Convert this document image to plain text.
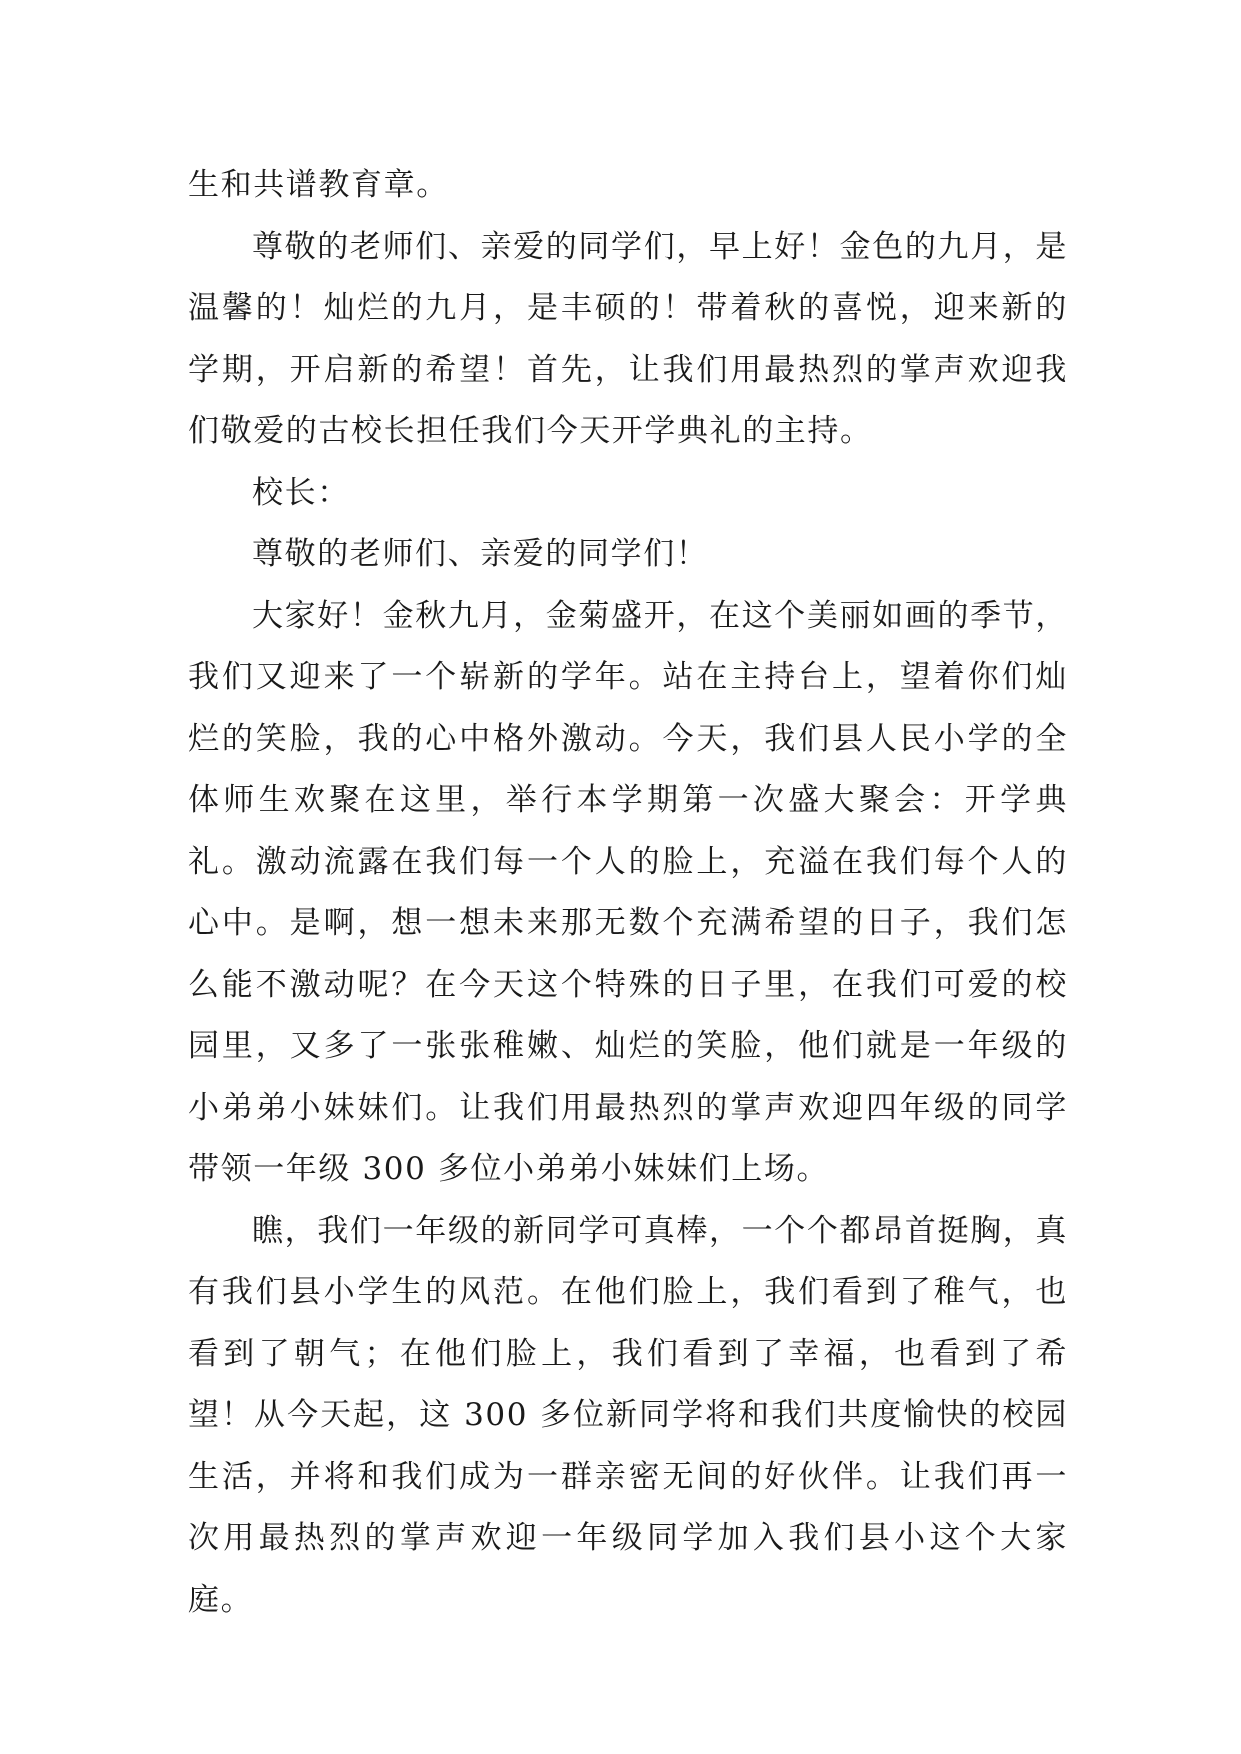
生和共谱教育章。

尊敬的老师们、亲爱的同学们，早上好！金色的九月，是温馨的！灿烂的九月，是丰硕的！带着秋的喜悦，迎来新的学期，开启新的希望！首先，让我们用最热烈的掌声欢迎我们敬爱的古校长担任我们今天开学典礼的主持。

校长：

尊敬的老师们、亲爱的同学们！

大家好！金秋九月，金菊盛开，在这个美丽如画的季节，我们又迎来了一个崭新的学年。站在主持台上，望着你们灿烂的笑脸，我的心中格外激动。今天，我们县人民小学的全体师生欢聚在这里，举行本学期第一次盛大聚会：开学典礼。激动流露在我们每一个人的脸上，充溢在我们每个人的心中。是啊，想一想未来那无数个充满希望的日子，我们怎么能不激动呢？在今天这个特殊的日子里，在我们可爱的校园里，又多了一张张稚嫩、灿烂的笑脸，他们就是一年级的小弟弟小妹妹们。让我们用最热烈的掌声欢迎四年级的同学带领一年级 300 多位小弟弟小妹妹们上场。

瞧，我们一年级的新同学可真棒，一个个都昂首挺胸，真有我们县小学生的风范。在他们脸上，我们看到了稚气，也看到了朝气；在他们脸上，我们看到了幸福，也看到了希望！从今天起，这 300 多位新同学将和我们共度愉快的校园生活，并将和我们成为一群亲密无间的好伙伴。让我们再一次用最热烈的掌声欢迎一年级同学加入我们县小这个大家庭。
